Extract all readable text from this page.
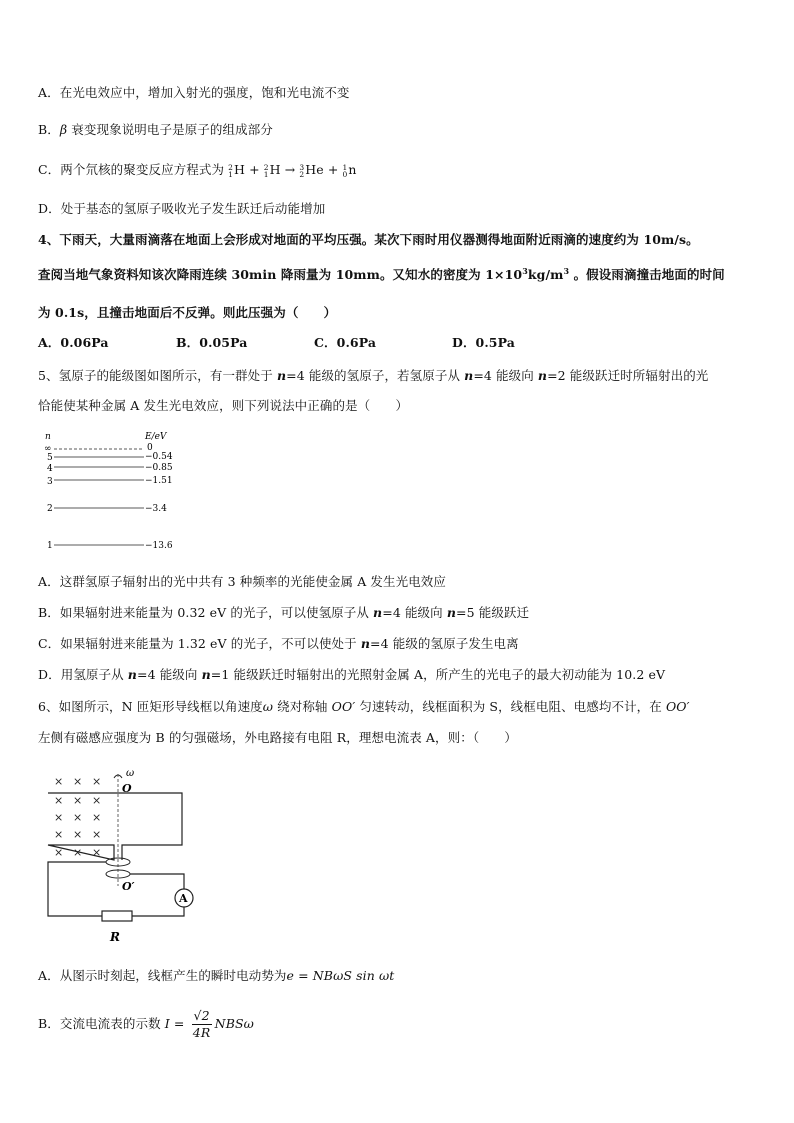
A．在光电效应中，增加入射光的强度，饱和光电流不变
B．β 衰变现象说明电子是原子的组成部分
C．两个氘核的聚变反应方程式为 2
1 H + 2
1 H → 3
2 He + 1
0 n
D．处于基态的氢原子吸收光子发生跃迁后动能增加
4、下雨天，大量雨滴落在地面上会形成对地面的平均压强。某次下雨时用仪器测得地面附近雨滴的速度约为 10m/s。
查阅当地气象资料知该次降雨连续 30min 降雨量为 10mm。又知水的密度为 $1\times 10^3kg/m^3$ 。假设雨滴撞击地面的时间
为 0.1s，且撞击地面后不反弹。则此压强为（　　）
A．0.06Pa	B．0.05Pa	C．0.6Pa	D．0.5Pa
5、氢原子的能级图如图所示，有一群处于 n=4 能级的氢原子，若氢原子从 n=4 能级向 n=2 能级跃迁时所辐射出的光
恰能使某种金属 A 发生光电效应，则下列说法中正确的是（　　）
n	E/eV
∞	0
5	−0.54
4	−0.85
3	−1.51
2	−3.4
1	−13.6
A．这群氢原子辐射出的光中共有 3 种频率的光能使金属 A 发生光电效应
B．如果辐射进来能量为 0.32 eV 的光子，可以使氢原子从 n=4 能级向 n=5 能级跃迁
C．如果辐射进来能量为 1.32 eV 的光子，不可以使处于 n=4 能级的氢原子发生电离
D．用氢原子从 n=4 能级向 n=1 能级跃迁时辐射出的光照射金属 A，所产生的光电子的最大初动能为 10.2 eV
6、如图所示，N 匝矩形导线框以角速度ω 绕对称轴 OO′ 匀速转动，线框面积为 S，线框电阻、电感均不计，在 OO′
左侧有磁感应强度为 B 的匀强磁场，外电路接有电阻 R，理想电流表 A，则：（　　）
× × ×
× × ×
× × ×
× × ×
× × ×
ω
O
O′
R
A
A．从图示时刻起，线框产生的瞬时电动势为e = NBωS sin ωt
B．交流电流表的示数 $I = \frac{√2}{4R}$ NBSω
